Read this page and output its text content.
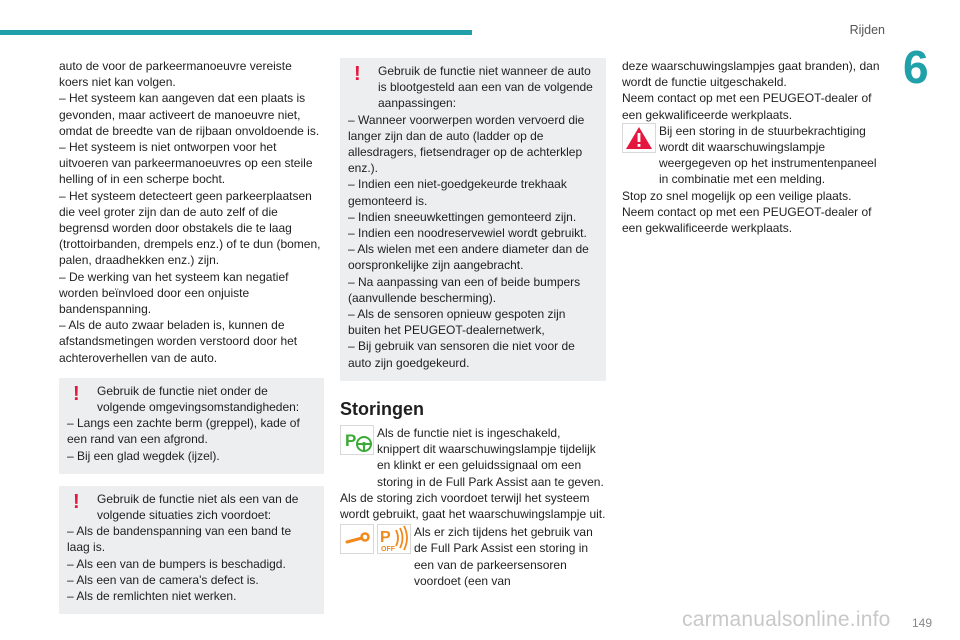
Rijden
6

auto de voor de parkeermanoeuvre vereiste koers niet kan volgen.

– Het systeem kan aangeven dat een plaats is gevonden, maar activeert de manoeuvre niet, omdat de breedte van de rijbaan onvoldoende is.

– Het systeem is niet ontworpen voor het uitvoeren van parkeermanoeuvres op een steile helling of in een scherpe bocht.

– Het systeem detecteert geen parkeerplaatsen die veel groter zijn dan de auto zelf of die begrensd worden door obstakels die te laag (trottoirbanden, drempels enz.) of te dun (bomen, palen, draadhekken enz.) zijn.

– De werking van het systeem kan negatief worden beïnvloed door een onjuiste bandenspanning.

– Als de auto zwaar beladen is, kunnen de afstandsmetingen worden verstoord door het achteroverhellen van de auto.

!	Gebruik de functie niet onder de volgende omgevingsomstandigheden:

– Langs een zachte berm (greppel), kade of een rand van een afgrond.

– Bij een glad wegdek (ijzel).

!	Gebruik de functie niet als een van de volgende situaties zich voordoet:

– Als de bandenspanning van een band te laag is.

– Als een van de bumpers is beschadigd.

– Als een van de camera's defect is.

– Als de remlichten niet werken.

!	Gebruik de functie niet wanneer de auto is blootgesteld aan een van de volgende aanpassingen:

– Wanneer voorwerpen worden vervoerd die langer zijn dan de auto (ladder op de allesdragers, fietsendrager op de achterklep enz.).

– Indien een niet-goedgekeurde trekhaak gemonteerd is.

– Indien sneeuwkettingen gemonteerd zijn.

– Indien een noodreservewiel wordt gebruikt.

– Als wielen met een andere diameter dan de oorspronkelijke zijn aangebracht.

– Na aanpassing van een of beide bumpers (aanvullende bescherming).

– Als de sensoren opnieuw gespoten zijn buiten het PEUGEOT-dealernetwerk,

– Bij gebruik van sensoren die niet voor de auto zijn goedgekeurd.

Storingen
P Als de functie niet is ingeschakeld, knippert dit waarschuwingslampje tijdelijk en klinkt er een geluidssignaal om een storing in de Full Park Assist aan te geven.

Als de storing zich voordoet terwijl het systeem wordt gebruikt, gaat het waarschuwingslampje uit.

P
OFF

Als er zich tijdens het gebruik van de Full Park Assist een storing in een van de parkeersensoren voordoet (een van

deze waarschuwingslampjes gaat branden), dan wordt de functie uitgeschakeld.

Neem contact op met een PEUGEOT-dealer of een gekwalificeerde werkplaats.

Bij een storing in de stuurbekrachtiging wordt dit waarschuwingslampje weergegeven op het instrumentenpaneel in combinatie met een melding.

Stop zo snel mogelijk op een veilige plaats.

Neem contact op met een PEUGEOT-dealer of een gekwalificeerde werkplaats.

149
carmanualsonline.info
